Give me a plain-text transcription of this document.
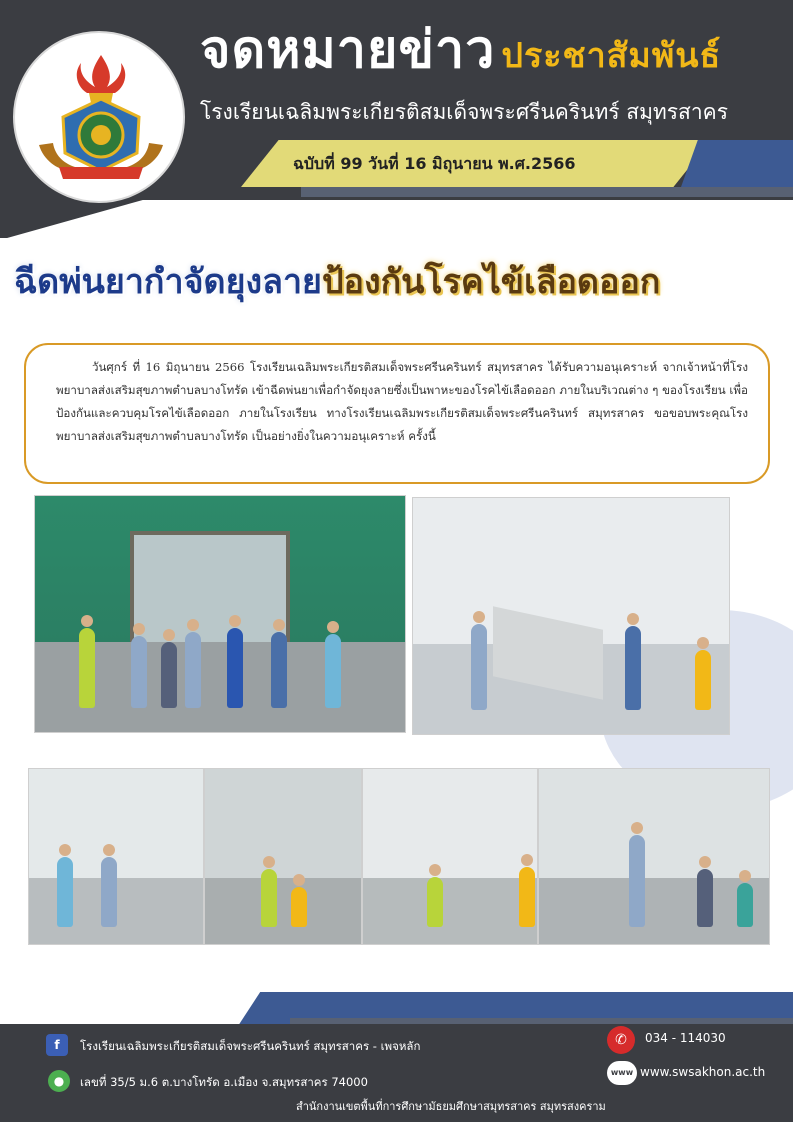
จดหมายข่าว ประชาสัมพันธ์
โรงเรียนเฉลิมพระเกียรติสมเด็จพระศรีนครินทร์ สมุทรสาคร
ฉบับที่ 99 วันที่ 16 มิถุนายน พ.ศ.2566
ฉีดพ่นยากำจัดยุงลายป้องกันโรคไข้เลือดออก
วันศุกร์ ที่ 16 มิถุนายน 2566 โรงเรียนเฉลิมพระเกียรติสมเด็จพระศรีนครินทร์ สมุทรสาคร ได้รับความอนุเคราะห์ จากเจ้าหน้าที่โรงพยาบาลส่งเสริมสุขภาพตำบลบางโทรัด เข้าฉีดพ่นยาเพื่อกำจัดยุงลายซึ่งเป็นพาหะของโรคไข้เลือดออก ภายในบริเวณต่าง ๆ ของโรงเรียน เพื่อป้องกันและควบคุมโรคไข้เลือดออก ภายในโรงเรียน ทางโรงเรียนเฉลิมพระเกียรติสมเด็จพระศรีนครินทร์ สมุทรสาคร ขอขอบพระคุณโรงพยาบาลส่งเสริมสุขภาพตำบลบางโทรัด เป็นอย่างยิ่งในความอนุเคราะห์ ครั้งนี้
f	โรงเรียนเฉลิมพระเกียรติสมเด็จพระศรีนครินทร์ สมุทรสาคร - เพจหลัก
●	เลขที่ 35/5 ม.6 ต.บางโทรัด อ.เมือง จ.สมุทรสาคร 74000
✆	034 - 114030
www www.swsakhon.ac.th
สำนักงานเขตพื้นที่การศึกษามัธยมศึกษาสมุทรสาคร สมุทรสงคราม
